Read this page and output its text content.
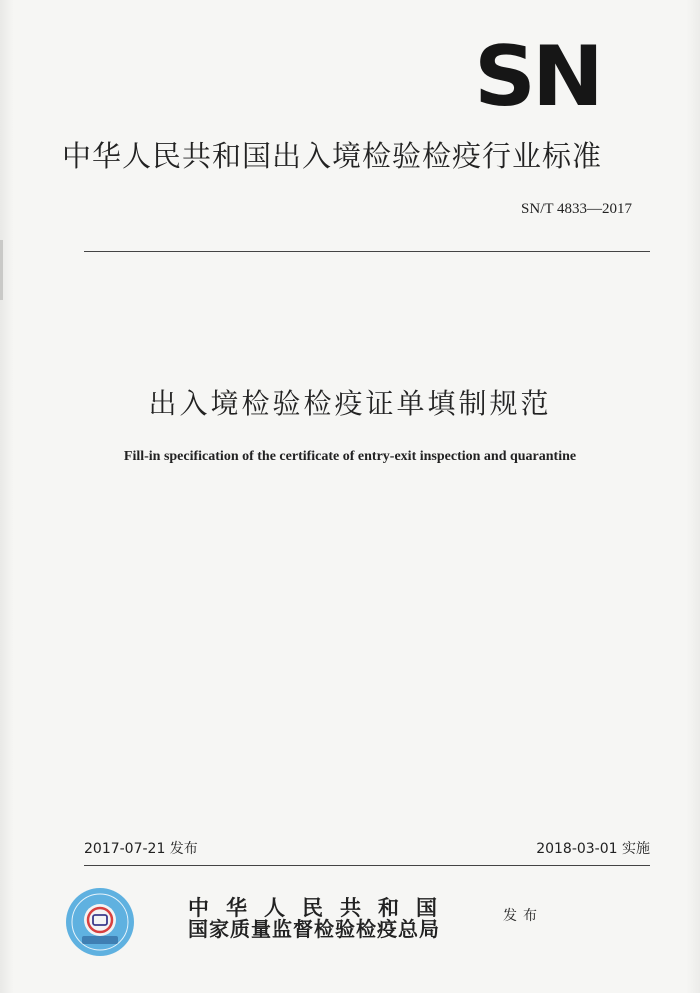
SN
中华人民共和国出入境检验检疫行业标准
SN/T 4833—2017
出入境检验检疫证单填制规范
Fill-in specification of the certificate of entry-exit inspection and quarantine
2017-07-21 发布	2018-03-01 实施
中华人民共和国
国家质量监督检验检疫总局
发布
